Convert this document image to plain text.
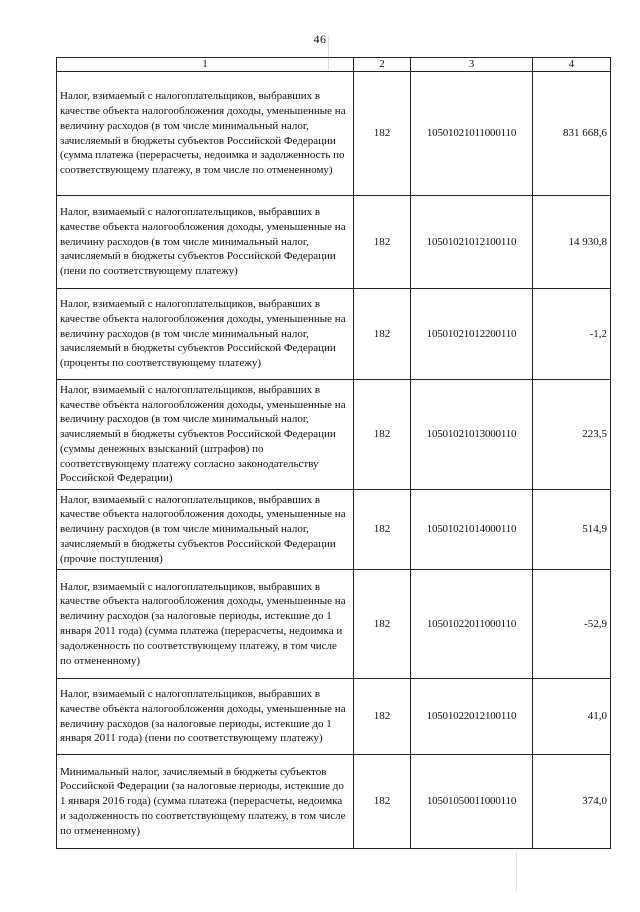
46
1	2	3	4
Налог, взимаемый с налогоплательщиков, выбравших в качестве объекта налогообложения доходы, уменьшенные на величину расходов (в том числе минимальный налог, зачисляемый в бюджеты субъектов Российской Федерации (сумма платежа (перерасчеты, недоимка и задолженность по соответствующему платежу, в том числе по отмененному)	182	10501021011000110	831 668,6
Налог, взимаемый с налогоплательщиков, выбравших в качестве объекта налогообложения доходы, уменьшенные на величину расходов (в том числе минимальный налог, зачисляемый в бюджеты субъектов Российской Федерации (пени по соответствующему платежу)	182	10501021012100110	14 930,8
Налог, взимаемый с налогоплательщиков, выбравших в качестве объекта налогообложения доходы, уменьшенные на величину расходов (в том числе минимальный налог, зачисляемый в бюджеты субъектов Российской Федерации (проценты по соответствующему платежу)	182	10501021012200110	-1,2
Налог, взимаемый с налогоплательщиков, выбравших в качестве объекта налогообложения доходы, уменьшенные на величину расходов (в том числе минимальный налог, зачисляемый в бюджеты субъектов Российской Федерации (суммы денежных взысканий (штрафов) по соответствующему платежу согласно законодательству Российской Федерации)	182	10501021013000110	223,5
Налог, взимаемый с налогоплательщиков, выбравших в качестве объекта налогообложения доходы, уменьшенные на величину расходов (в том числе минимальный налог, зачисляемый в бюджеты субъектов Российской Федерации (прочие поступления)	182	10501021014000110	514,9
Налог, взимаемый с налогоплательщиков, выбравших в качестве объекта налогообложения доходы, уменьшенные на величину расходов (за налоговые периоды, истекшие до 1 января 2011 года) (сумма платежа (перерасчеты, недоимка и задолженность по соответствующему платежу, в том числе по отмененному)	182	10501022011000110	-52,9
Налог, взимаемый с налогоплательщиков, выбравших в качестве объекта налогообложения доходы, уменьшенные на величину расходов (за налоговые периоды, истекшие до 1 января 2011 года) (пени по соответствующему платежу)	182	10501022012100110	41,0
Минимальный налог, зачисляемый в бюджеты субъектов Российской Федерации (за налоговые периоды, истекшие до 1 января 2016 года) (сумма платежа (перерасчеты, недоимка и задолженность по соответствующему платежу, в том числе по отмененному)	182	10501050011000110	374,0
